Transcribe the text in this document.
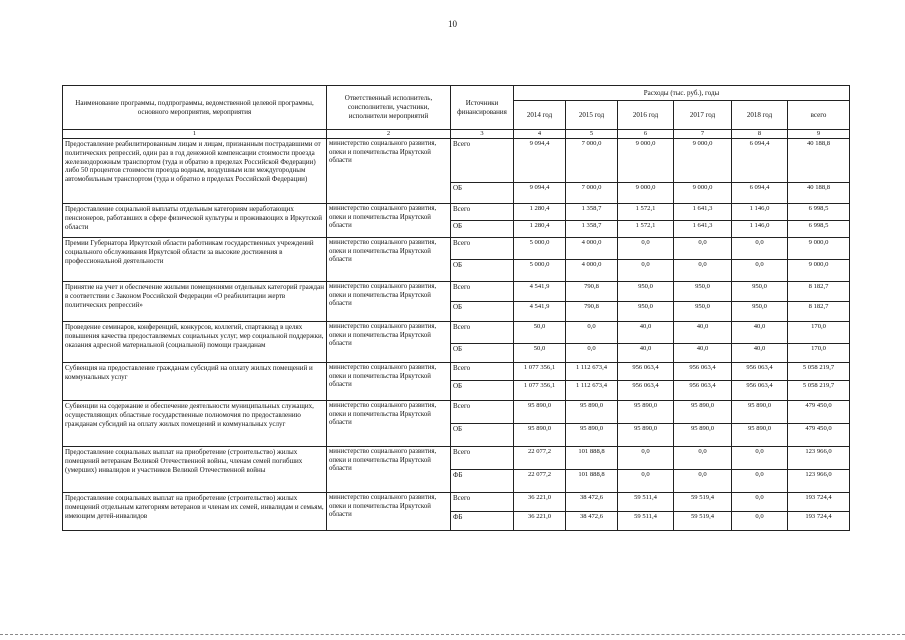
10
Наименование программы, подпрограммы, ведомственной целевой программы, основного мероприятия, мероприятия	Ответственный исполнитель, соисполнители, участники, исполнители мероприятий	Источники финансирования	Расходы (тыс. руб.), годы					
			2014 год	2015 год	2016 год	2017 год	2018 год	всего
1	2	3	4	5	6	7	8	9
Предоставление реабилитированным лицам и лицам, признанным пострадавшими от политических репрессий, один раз в год денежной компенсации стоимости проезда железнодорожным транспортом (туда и обратно в пределах Российской Федерации) либо 50 процентов стоимости проезда водным, воздушным или междугородным автомобильным транспортом (туда и обратно в пределах Российской Федерации)	министерство социального развития, опеки и попечительства Иркутской области	Всего	9 094,4	7 000,0	9 000,0	9 000,0	6 094,4	40 188,8
		ОБ	9 094,4	7 000,0	9 000,0	9 000,0	6 094,4	40 188,8
Предоставление социальной выплаты отдельным категориям неработающих пенсионеров, работавших в сфере физической культуры и проживающих в Иркутской области	министерство социального развития, опеки и попечительства Иркутской области	Всего	1 280,4	1 358,7	1 572,1	1 641,3	1 146,0	6 998,5
		ОБ	1 280,4	1 358,7	1 572,1	1 641,3	1 146,0	6 998,5
Премии Губернатора Иркутской области работникам государственных учреждений социального обслуживания Иркутской области за высокие достижения в профессиональной деятельности	министерство социального развития, опеки и попечительства Иркутской области	Всего	5 000,0	4 000,0	0,0	0,0	0,0	9 000,0
		ОБ	5 000,0	4 000,0	0,0	0,0	0,0	9 000,0
Принятие на учет и обеспечение жилыми помещениями отдельных категорий граждан в соответствии с Законом Российской Федерации «О реабилитации жертв политических репрессий»	министерство социального развития, опеки и попечительства Иркутской области	Всего	4 541,9	790,8	950,0	950,0	950,0	8 182,7
		ОБ	4 541,9	790,8	950,0	950,0	950,0	8 182,7
Проведение семинаров, конференций, конкурсов, коллегий, спартакиад в целях повышения качества предоставляемых социальных услуг, мер социальной поддержки, оказания адресной материальной (социальной) помощи гражданам	министерство социального развития, опеки и попечительства Иркутской области	Всего	50,0	0,0	40,0	40,0	40,0	170,0
		ОБ	50,0	0,0	40,0	40,0	40,0	170,0
Субвенция на предоставление гражданам субсидий на оплату жилых помещений и коммунальных услуг	министерство социального развития, опеки и попечительства Иркутской области	Всего	1 077 356,1	1 112 673,4	956 063,4	956 063,4	956 063,4	5 058 219,7
		ОБ	1 077 356,1	1 112 673,4	956 063,4	956 063,4	956 063,4	5 058 219,7
Субвенции на содержание и обеспечение деятельности муниципальных служащих, осуществляющих областные государственные полномочия по предоставлению гражданам субсидий на оплату жилых помещений и коммунальных услуг	министерство социального развития, опеки и попечительства Иркутской области	Всего	95 890,0	95 890,0	95 890,0	95 890,0	95 890,0	479 450,0
		ОБ	95 890,0	95 890,0	95 890,0	95 890,0	95 890,0	479 450,0
Предоставление социальных выплат на приобретение (строительство) жилых помещений ветеранам Великой Отечественной войны, членам семей погибших (умерших) инвалидов и участников Великой Отечественной войны	министерство социального развития, опеки и попечительства Иркутской области	Всего	22 077,2	101 888,8	0,0	0,0	0,0	123 966,0
		ФБ	22 077,2	101 888,8	0,0	0,0	0,0	123 966,0
Предоставление социальных выплат на приобретение (строительство) жилых помещений отдельным категориям ветеранов и членам их семей, инвалидам и семьям, имеющим детей-инвалидов	министерство социального развития, опеки и попечительства Иркутской области	Всего	36 221,0	38 472,6	59 511,4	59 519,4	0,0	193 724,4
		ФБ	36 221,0	38 472,6	59 511,4	59 519,4	0,0	193 724,4
